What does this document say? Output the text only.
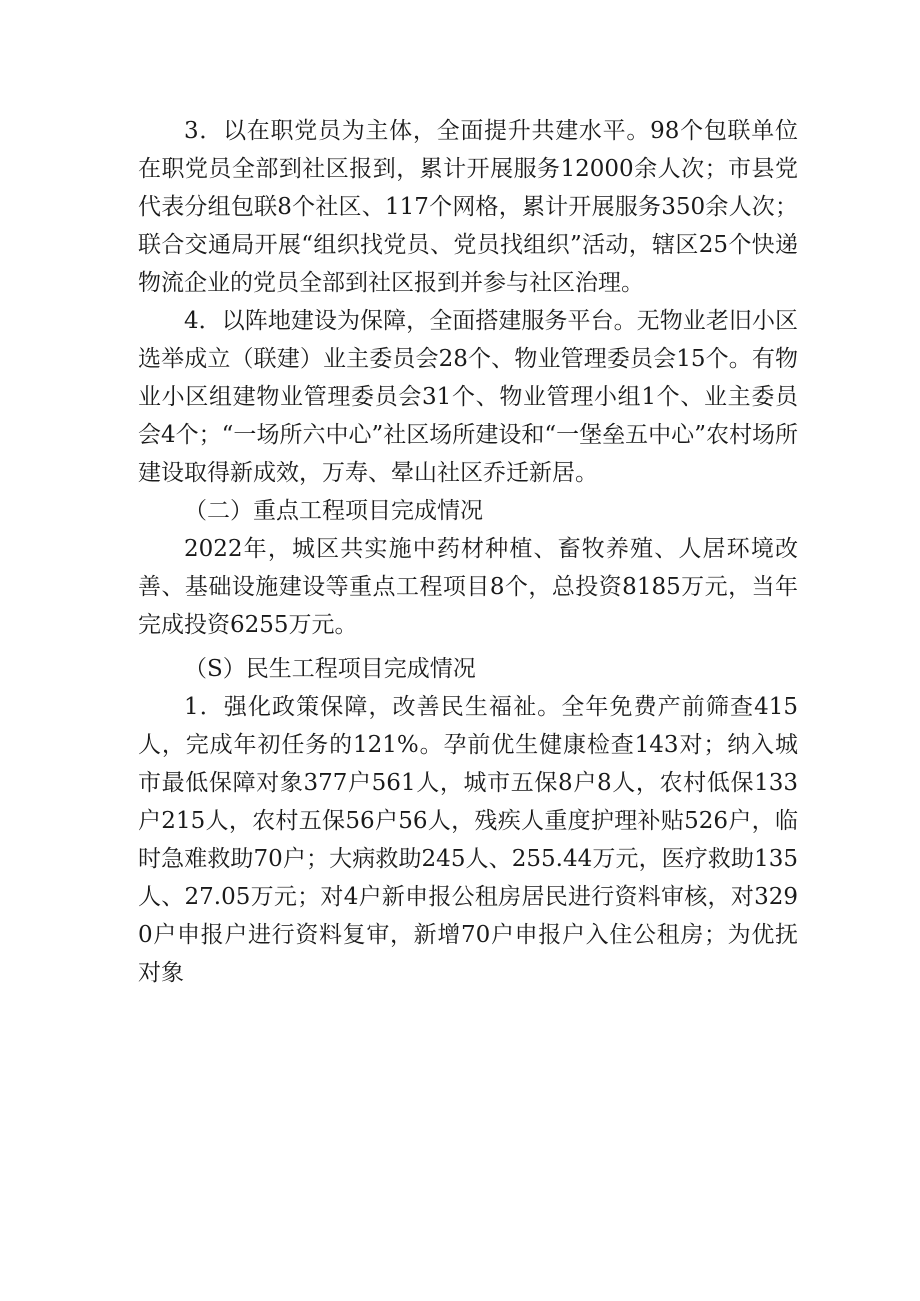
3．以在职党员为主体，全面提升共建水平。98个包联单位在职党员全部到社区报到，累计开展服务12000余人次；市县党代表分组包联8个社区、117个网格，累计开展服务350余人次；联合交通局开展“组织找党员、党员找组织”活动，辖区25个快递物流企业的党员全部到社区报到并参与社区治理。

4．以阵地建设为保障，全面搭建服务平台。无物业老旧小区选举成立（联建）业主委员会28个、物业管理委员会15个。有物业小区组建物业管理委员会31个、物业管理小组1个、业主委员会4个；“一场所六中心”社区场所建设和“一堡垒五中心”农村场所建设取得新成效，万寿、晕山社区乔迁新居。

（二）重点工程项目完成情况

2022年，城区共实施中药材种植、畜牧养殖、人居环境改善、基础设施建设等重点工程项目8个，总投资8185万元，当年完成投资6255万元。

（S）民生工程项目完成情况

1．强化政策保障，改善民生福祉。全年免费产前筛查415人，完成年初任务的121%。孕前优生健康检查143对；纳入城市最低保障对象377户561人，城市五保8户8人，农村低保133户215人，农村五保56户56人，残疾人重度护理补贴526户，临时急难救助70户；大病救助245人、255.44万元，医疗救助135人、27.05万元；对4户新申报公租房居民进行资料审核，对3290户申报户进行资料复审，新增70户申报户入住公租房；为优抚对象
